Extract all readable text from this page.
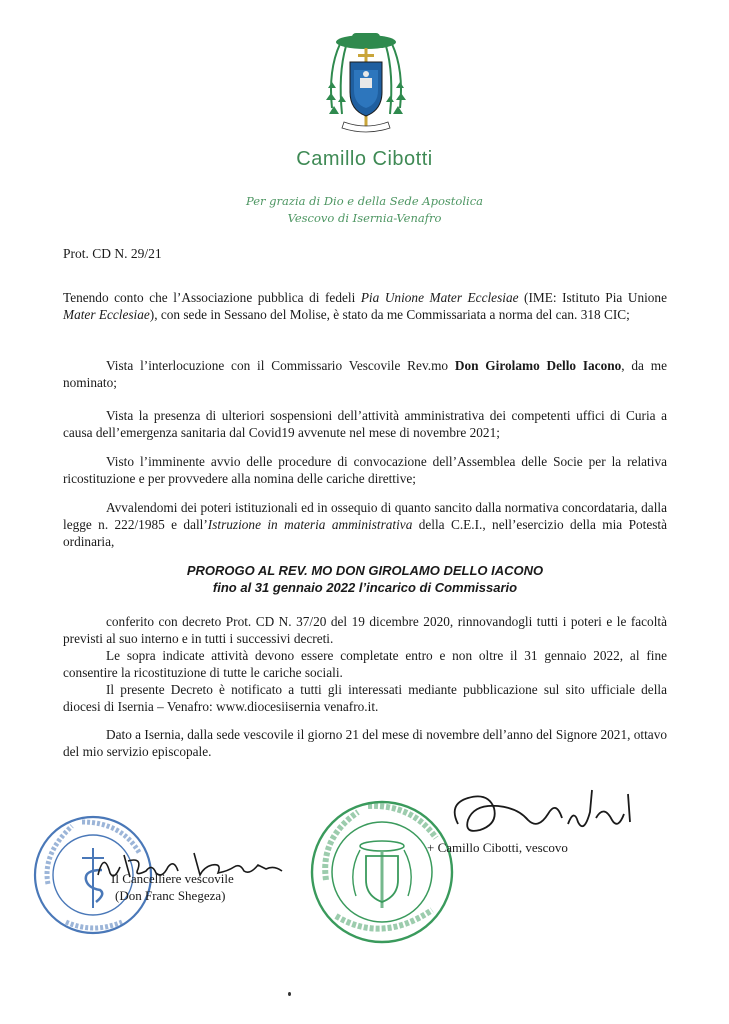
Camillo Cibotti
Per grazia di Dio e della Sede Apostolica
Vescovo di Isernia-Venafro
Prot. CD N. 29/21

Tenendo conto che l’Associazione pubblica di fedeli Pia Unione Mater Ecclesiae (IME: Istituto Pia Unione Mater Ecclesiae), con sede in Sessano del Molise, è stato da me Commissariata a norma del can. 318 CIC;

Vista l’interlocuzione con il Commissario Vescovile Rev.mo Don Girolamo Dello Iacono, da me nominato;

Vista la presenza di ulteriori sospensioni dell’attività amministrativa dei competenti uffici di Curia a causa dell’emergenza sanitaria dal Covid19 avvenute nel mese di novembre 2021;

Visto l’imminente avvio delle procedure di convocazione dell’Assemblea delle Socie per la relativa ricostituzione e per provvedere alla nomina delle cariche direttive;

Avvalendomi dei poteri istituzionali ed in ossequio di quanto sancito dalla normativa concordataria, dalla legge n. 222/1985 e dall’Istruzione in materia amministrativa della C.E.I., nell’esercizio della mia Potestà ordinaria,

PROROGO AL REV. MO DON GIROLAMO DELLO IACONO
fino al 31 gennaio 2022 l’incarico di Commissario

conferito con decreto Prot. CD N. 37/20 del 19 dicembre 2020, rinnovandogli tutti i poteri e le facoltà previsti al suo interno e in tutti i successivi decreti.

Le sopra indicate attività devono essere completate entro e non oltre il 31 gennaio 2022, al fine consentire la ricostituzione di tutte le cariche sociali.

Il presente Decreto è notificato a tutti gli interessati mediante pubblicazione sul sito ufficiale della diocesi di Isernia – Venafro: www.diocesiisernia venafro.it.

Dato a Isernia, dalla sede vescovile il giorno 21 del mese di novembre dell’anno del Signore 2021, ottavo del mio servizio episcopale.

+ Camillo Cibotti, vescovo
Il Cancelliere vescovile
(Don Franc Shegeza)
